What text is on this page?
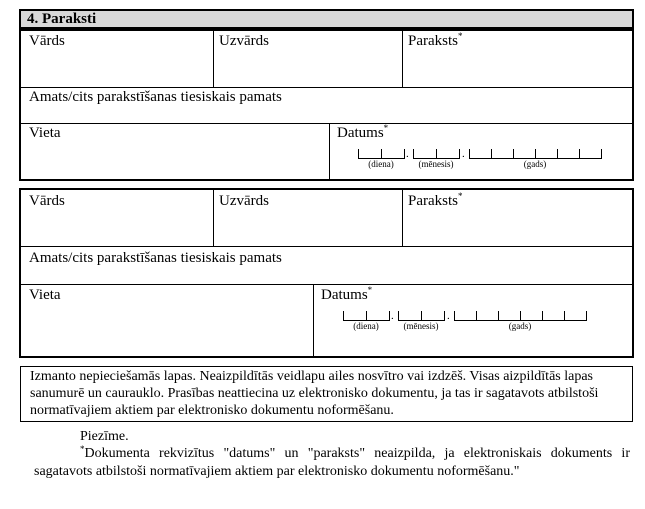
4. Paraksti
Vārds	Uzvārds	Paraksts*
Amats/cits parakstīšanas tiesiskais pamats
Vieta	Datums*
.	.
(diena)	(mēnesis)	(gads)
Vārds	Uzvārds	Paraksts*
Amats/cits parakstīšanas tiesiskais pamats
Vieta	Datums*
.	.
(diena)	(mēnesis)	(gads)

Izmanto nepieciešamās lapas. Neaizpildītās veidlapu ailes nosvītro vai izdzēš. Visas aizpildītās lapas sanumurē un caurauklo. Prasības neattiecina uz elektronisko dokumentu, ja tas ir sagatavots atbilstoši normatīvajiem aktiem par elektronisko dokumentu noformēšanu.

Piezīme.

*Dokumenta rekvizītus "datums" un "paraksts" neaizpilda, ja elektroniskais dokuments ir sagatavots atbilstoši normatīvajiem aktiem par elektronisko dokumentu noformēšanu."
